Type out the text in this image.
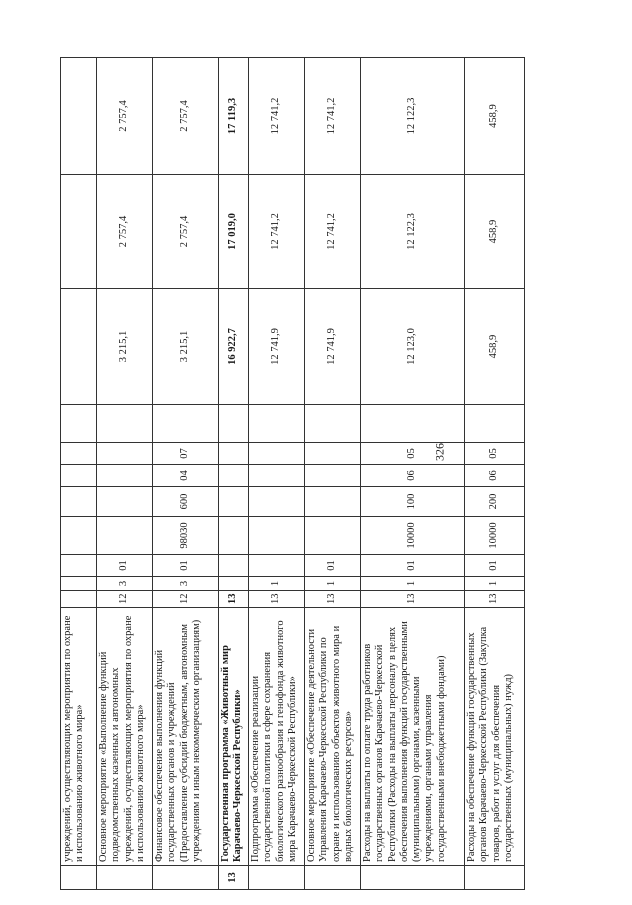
326
	учреждений, осуществляющих мероприятия по охране и использованию животного мира»											
	Основное мероприятие «Выполнение функций подведомственных казенных и автономных учреждений, осуществляющих мероприятия по охране и использованию животного мира»	12	3	01						3 215,1	2 757,4	2 757,4
	Финансовое обеспечение выполнения функций государственных органов и учреждений (Предоставление субсидий бюджетным, автономным учреждениям и иным некоммерческим организациям)	12	3	01	98030	600	04	07		3 215,1	2 757,4	2 757,4
13	Государственная программа «Животный мир Карачаево-Черкесской Республики»	13								16 922,7	17 019,0	17 119,3
	Подпрограмма «Обеспечение реализации государственной политики в сфере сохранения биологического разнообразия и генофонда животного мира Карачаево-Черкесской Республики»	13	1							12 741,9	12 741,2	12 741,2
	Основное мероприятие «Обеспечение деятельности Управления Карачаево-Черкесской Республики по охране и использованию объектов животного мира и водных биологических ресурсов»	13	1	01						12 741,9	12 741,2	12 741,2
	Расходы на выплаты по оплате труда работников государственных органов Карачаево-Черкесской Республики (Расходы на выплаты персоналу в целях обеспечения выполнения функций государственными (муниципальными) органами, казенными учреждениями, органами управления государственными внебюджетными фондами)	13	1	01	10000	100	06	05		12 123,0	12 122,3	12 122,3
	Расходы на обеспечение функций государственных органов Карачаево-Черкесской Республики (Закупка товаров, работ и услуг для обеспечения государственных (муниципальных) нужд)	13	1	01	10000	200	06	05		458,9	458,9	458,9
